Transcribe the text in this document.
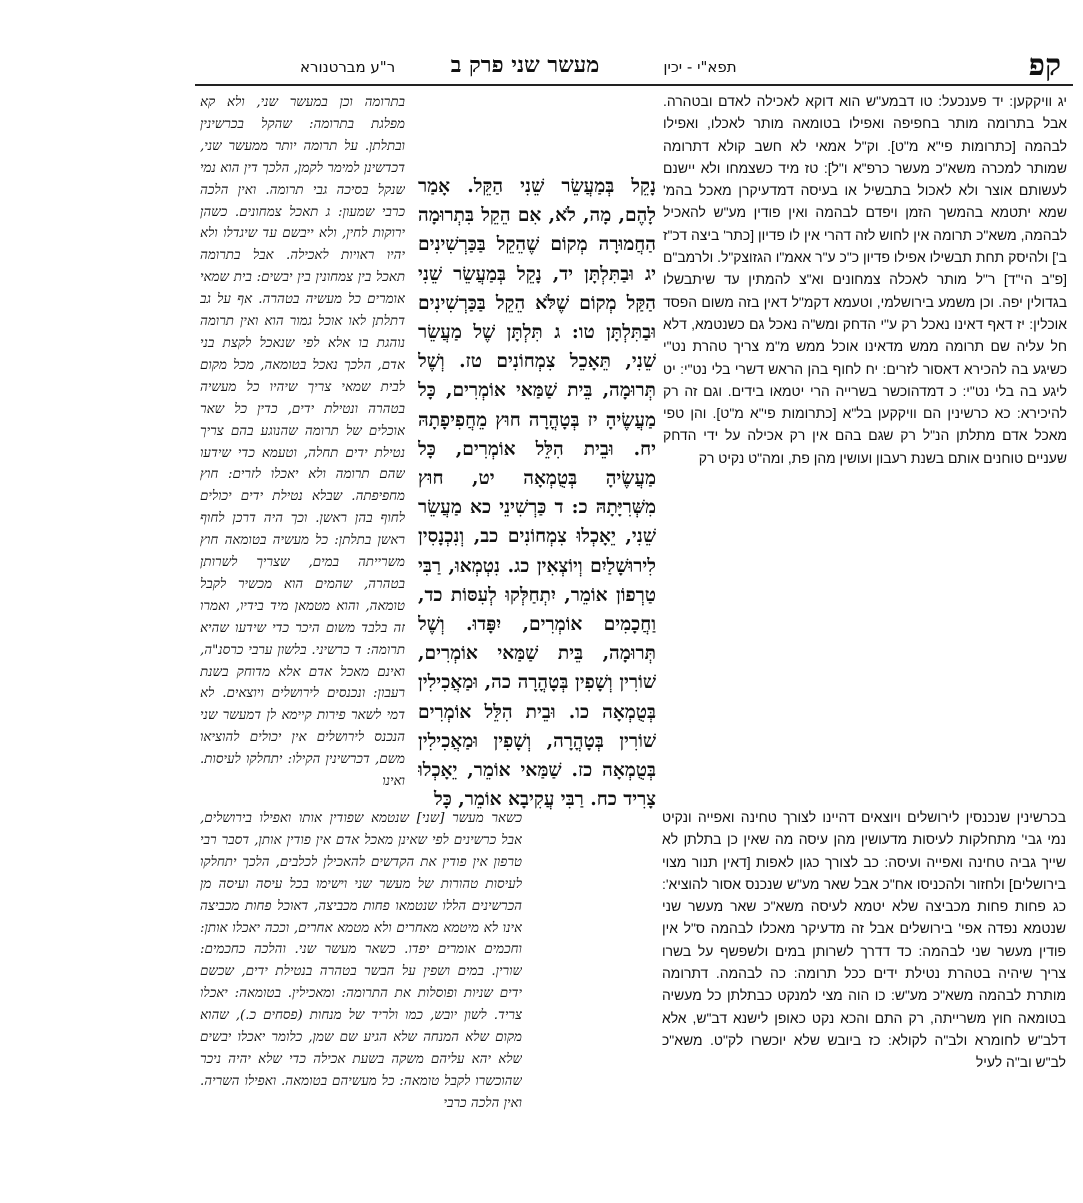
קפ
תפא"י - יכין
מעשר שני פרק ב
ר"ע מברטנורא

יג וויקקען: יד פענכעל: טו דבמע"ש הוא דוקא לאכילה לאדם ובטהרה. אבל בתרומה מותר בחפיפה ואפילו בטומאה מותר לאכלו, ואפילו לבהמה [כתרומות פי"א מ"ט]. וק"ל אמאי לא חשב קולא דתרומה שמותר למכרה משא"כ מעשר כרפ"א ו"ל]: טז מיד כשצמחו ולא יישנם לעשותם אוצר ולא לאכול בתבשיל או בעיסה דמדעיקרן מאכל בהמ' שמא יתטמא בהמשך הזמן ויפדם לבהמה ואין פודין מע"ש להאכיל לבהמה, משא"כ תרומה אין לחוש לזה דהרי אין לו פדיון [כתר' ביצה דכ"ז ב'] ולהיסק תחת תבשילו אפילו פדיון כ"כ ע"ר אאמ"ו הגזוצק"ל. ולרמב"ם [פ"ב הי"ד] ר"ל מותר לאכלה צמחונים וא"צ להמתין עד שיתבשלו בגדולין יפה. וכן משמע בירושלמי, וטעמא דקמ"ל דאין בזה משום הפסד אוכלין: יז דאף דאינו נאכל רק ע"י הדחק ומש"ה נאכל גם כשנטמא, דלא חל עליה שם תרומה ממש מדאינו אוכל ממש מ"מ צריך טהרת נט"י כשיגע בה להכירא דאסור לזרים: יח לחוף בהן הראש דשרי בלי נט"י: יט ליגע בה בלי נט"י: כ דמדהוכשר בשרייה הרי יטמאו בידים. וגם זה רק להיכירא: כא כרשינין הם וויקקען בל"א [כתרומות פי"א מ"ט]. והן טפי מאכל אדם מתלתן הנ"ל רק שגם בהם אין רק אכילה על ידי הדחק שעניים טוחנים אותם בשנת רעבון ועושין מהן פת, ומה"ט נקיט רק

נָקֵל בְּמַעֲשֵׂר שֵׁנִי הַקֵּל. אָמַר לָהֶם, מָה, לֹא, אִם הֵקֵל בִּתְרוּמָה הַחֲמוּרָה מְקוֹם שֶׁהֵקֵל בַּכַּרְשִׁינִים יג וּבַתִּלְתָּן יד, נָקֵל בְּמַעֲשֵׂר שֵׁנִי הַקַּל מְקוֹם שֶׁלֹּא הֵקֵל בַּכַּרְשִׁינִים וּבַתִּלְתָּן טו: ג תִּלְתָּן שֶׁל מַעֲשֵׂר שֵׁנִי, תֵּאָכֵל צִמְחוֹנִים טז. וְשֶׁל תְּרוּמָה, בֵּית שַׁמַּאי אוֹמְרִים, כָּל מַעֲשֶׂיהָ יז בְּטָהֳרָה חוּץ מֵחֲפִיפָתָהּ יח. וּבֵית הִלֵּל אוֹמְרִים, כָּל מַעֲשֶׂיהָ בְּטֻמְאָה יט, חוּץ מִשְּׁרִיָּתָהּ כ: ד כַּרְשִׁינֵי כא מַעֲשֵׂר שֵׁנִי, יֵאָכְלוּ צִמְחוֹנִים כב, וְנִכְנָסִין לִירוּשָׁלַיִם וְיוֹצְאִין כג. נִטְמְאוּ, רַבִּי טַרְפוֹן אוֹמֵר, יִתְחַלְּקוּ לְעִסּוֹת כד, וַחֲכָמִים אוֹמְרִים, יִפָּדוּ. וְשֶׁל תְּרוּמָה, בֵּית שַׁמַּאי אוֹמְרִים, שׁוֹרִין וְשָׁפִין בְּטָהֳרָה כה, וּמַאֲכִילִין בְּטֻמְאָה כו. וּבֵית הִלֵּל אוֹמְרִים שׁוֹרִין בְּטָהֳרָה, וְשָׁפִין וּמַאֲכִילִין בְּטֻמְאָה כז. שַׁמַּאי אוֹמֵר, יֵאָכְלוּ צָרִיד כח. רַבִּי עֲקִיבָא אוֹמֵר, כָּל

בתרומה וכן במעשר שני, ולא קא מפלגת בתרומה: שהקל בכרשינין ובתלתן. על תרומה יותר ממעשר שני, דכדשינן למימר לקמן, הלכך דין הוא נמי שנקל בסיכה גבי תרומה. ואין הלכה כרבי שמעון: ג תאכל צמחונים. כשהן ירוקות לחין, ולא ייבשם עד שיגדלו ולא יהיו ראויות לאכילה. אבל בתרומה תאכל בין צמחונין בין יבשים: בית שמאי אומרים כל מעשיה בטהרה. אף על גב דתלתן לאו אוכל גמור הוא ואין תרומה נוהגת בו אלא לפי שנאכל לקצת בני אדם, הלכך נאכל בטומאה, מכל מקום לבית שמאי צריך שיהיו כל מעשיה בטהרה ונטילת ידים, כדין כל שאר אוכלים של תרומה שהנוגע בהם צריך נטילת ידים תחלה, וטעמא כדי שידעו שהם תרומה ולא יאכלו לזרים: חוץ מחפיפתה. שבלא נטילת ידים יכולים לחוף בהן ראשן. וכך היה דרכן לחוף ראשן בתלתן: כל מעשיה בטומאה חוץ משרייתה במים, שצריך לשרותן בטהרה, שהמים הוא מכשיר לקבל טומאה, והוא מטמאן מיד בידיו, ואמרו זה בלבד משום היכר כדי שידעו שהיא תרומה: ד כרשיני. בלשון ערבי כרסנ"ה, ואינם מאכל אדם אלא מדוחק בשנת רעבון: ונכנסים לירושלים ויוצאים. לא דמי לשאר פירות קיימא לן דמעשר שני הנכנס לירושלים אין יכולים להוציאו משם, דכרשינין הקילו: יתחלקו לעיסות. ואינו

כשאר מעשר [שני] שנטמא שפודין אותו ואפילו בירושלים, אבל כרשינים לפי שאינן מאכל אדם אין פודין אותן, דסבר רבי טרפון אין פודין את הקדשים להאכילן לכלבים, הלכך יתחלקו לעיסות טהורות של מעשר שני וישימו בכל עיסה ועיסה מן הכרשינים הללו שנטמאו פחות מכביצה, דאוכל פחות מכביצה אינו לא מיטמא מאחרים ולא מטמא אחרים, וככה יאכלו אותן: וחכמים אומרים יפדו. כשאר מעשר שני. והלכה כחכמים: שורין. במים ושפין על הבשר בטהרה בנטילת ידים, שכשם ידים שניות ופוסלות את התרומה: ומאכילין. בטומאה: יאכלו צריד. לשון יובש, כמו ולריד של מנחות (פסחים כ.), שהוא מקום שלא המנחה שלא הגיע שם שמן, כלומר יאכלו יבשים שלא יהא עליהם משקה בשעת אכילה כדי שלא יהיה ניכר שהוכשרו לקבל טומאה: כל מעשיהם בטומאה. ואפילו השריה. ואין הלכה כרבי

בכרשינין שנכנסין לירושלים ויוצאים דהיינו לצורך טחינה ואפייה ונקיט נמי גבי' מתחלקות לעיסות מדעושין מהן עיסה מה שאין כן בתלתן לא שייך גביה טחינה ואפייה ועיסה: כב לצורך כגון לאפות [דאין תנור מצוי בירושלים] ולחזור ולהכניסו אח"כ אבל שאר מע"ש שנכנס אסור להוציא': כג פחות פחות מכביצה שלא יטמא לעיסה משא"כ שאר מעשר שני שנטמא נפדה אפי' בירושלים אבל זה מדעיקר מאכלו לבהמה ס"ל אין פודין מעשר שני לבהמה: כד דדרך לשרותן במים ולשפשף על בשרו צריך שיהיה בטהרת נטילת ידים ככל תרומה: כה לבהמה. דתרומה מותרת לבהמה משא"כ מע"ש: כו הוה מצי למנקט כבתלתן כל מעשיה בטומאה חוץ משרייתה, רק התם והכא נקט כאופן לישנא דב"ש, אלא דלב"ש לחומרא ולב"ה לקולא: כז ביובש שלא יוכשרו לק"ט. משא"כ לב"ש וב"ה לעיל
